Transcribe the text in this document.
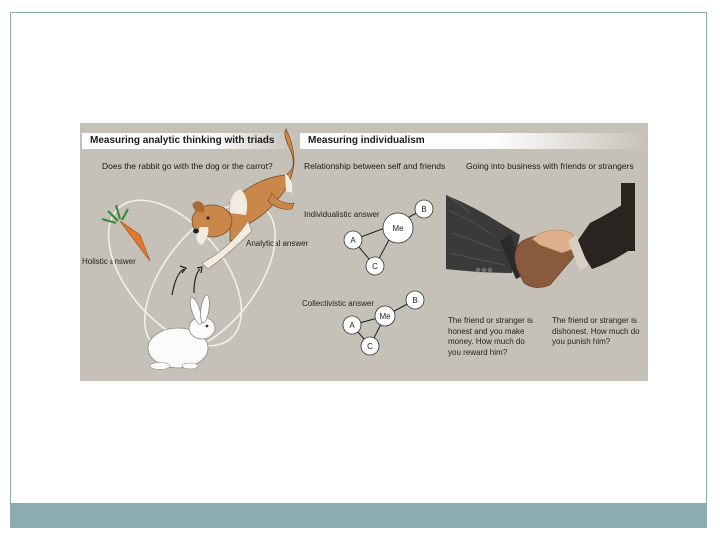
Measuring analytic thinking with triads	Measuring individualism
Does the rabbit go with the dog or the carrot?
Holistic answer
Analytical answer
Relationship between self and friends Going into business with friends or strangers
Individualistic answer
Collectivistic answer
The friend or stranger is honest and you make money. How much do you reward him?
The friend or stranger is dishonest. How much do you punish him?
Me
B
A
C
Me
B
A
C
